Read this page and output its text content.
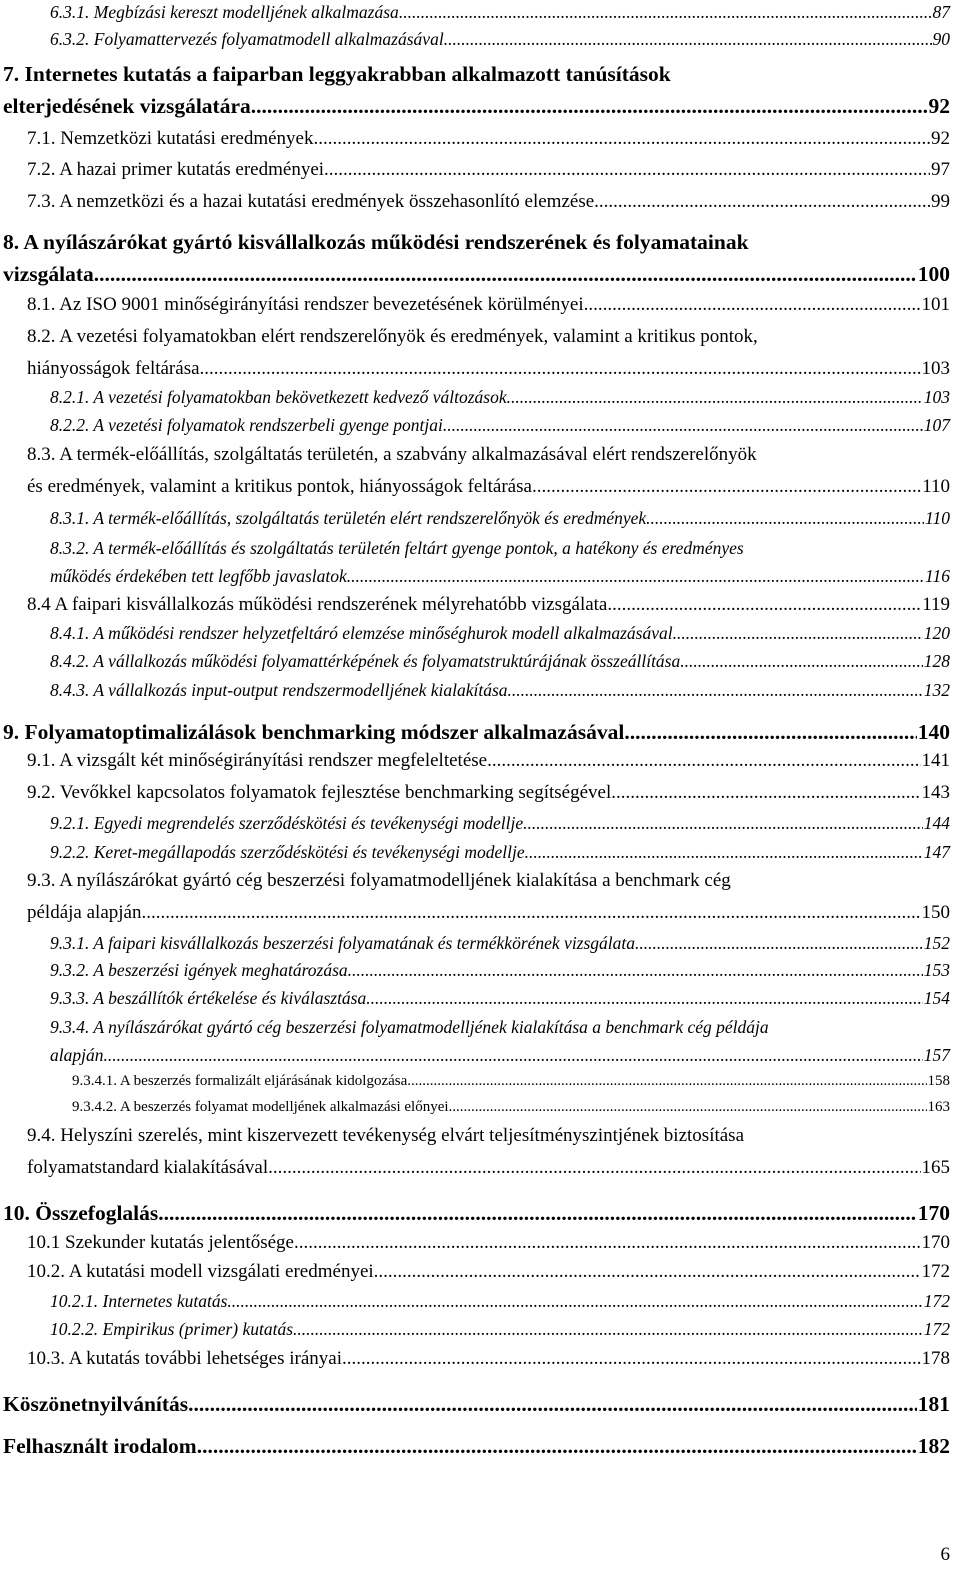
6.3.1. Megbízási kereszt modelljének alkalmazása .....	87
6.3.2. Folyamattervezés folyamatmodell alkalmazásával .....	90
7. Internetes kutatás a faiparban leggyakrabban alkalmazott tanúsítások
elterjedésének vizsgálatára .....	92
7.1. Nemzetközi kutatási eredmények .....	92
7.2. A hazai primer kutatás eredményei .....	97
7.3. A nemzetközi és a hazai kutatási eredmények összehasonlító elemzése .....	99
8. A nyílászárókat gyártó kisvállalkozás működési rendszerének és folyamatainak
vizsgálata .....	100
8.1. Az ISO 9001 minőségirányítási rendszer bevezetésének körülményei .....	101
8.2. A vezetési folyamatokban elért rendszerelőnyök és eredmények, valamint a kritikus pontok,
hiányosságok feltárása .....	103
8.2.1. A vezetési folyamatokban bekövetkezett kedvező változások .....	103
8.2.2. A vezetési folyamatok rendszerbeli gyenge pontjai .....	107
8.3. A termék-előállítás, szolgáltatás területén, a szabvány alkalmazásával elért rendszerelőnyök
és eredmények, valamint a kritikus pontok, hiányosságok feltárása .....	110
8.3.1. A termék-előállítás, szolgáltatás területén elért rendszerelőnyök és eredmények .....	110
8.3.2. A termék-előállítás és szolgáltatás területén feltárt gyenge pontok, a hatékony és eredményes
működés érdekében tett legfőbb javaslatok .....	116
8.4 A faipari kisvállalkozás működési rendszerének mélyrehatóbb vizsgálata .....	119
8.4.1. A működési rendszer helyzetfeltáró elemzése minőséghurok modell alkalmazásával .....	120
8.4.2. A vállalkozás működési folyamattérképének és folyamatstruktúrájának összeállítása .....	128
8.4.3. A vállalkozás input-output rendszermodelljének kialakítása .....	132
9. Folyamatoptimalizálások benchmarking módszer alkalmazásával .....	140
9.1. A vizsgált két minőségirányítási rendszer megfeleltetése .....	141
9.2. Vevőkkel kapcsolatos folyamatok fejlesztése benchmarking segítségével .....	143
9.2.1. Egyedi megrendelés szerződéskötési és tevékenységi modellje .....	144
9.2.2. Keret-megállapodás szerződéskötési és tevékenységi modellje .....	147
9.3. A nyílászárókat gyártó cég beszerzési folyamatmodelljének kialakítása a benchmark cég
példája alapján .....	150
9.3.1. A faipari kisvállalkozás beszerzési folyamatának és termékkörének vizsgálata .....	152
9.3.2. A beszerzési igények meghatározása .....	153
9.3.3. A beszállítók értékelése és kiválasztása .....	154
9.3.4. A nyílászárókat gyártó cég beszerzési folyamatmodelljének kialakítása a benchmark cég példája
alapján .....	157
9.3.4.1. A beszerzés formalizált eljárásának kidolgozása .....	158
9.3.4.2. A beszerzés folyamat modelljének alkalmazási előnyei .....	163
9.4. Helyszíni szerelés, mint kiszervezett tevékenység elvárt teljesítményszintjének biztosítása
folyamatstandard kialakításával .....	165
10. Összefoglalás .....	170
10.1 Szekunder kutatás jelentősége .....	170
10.2. A kutatási modell vizsgálati eredményei .....	172
10.2.1. Internetes kutatás .....	172
10.2.2. Empirikus (primer) kutatás .....	172
10.3. A kutatás további lehetséges irányai .....	178
Köszönetnyilvánítás .....	181
Felhasznált irodalom .....	182
6
